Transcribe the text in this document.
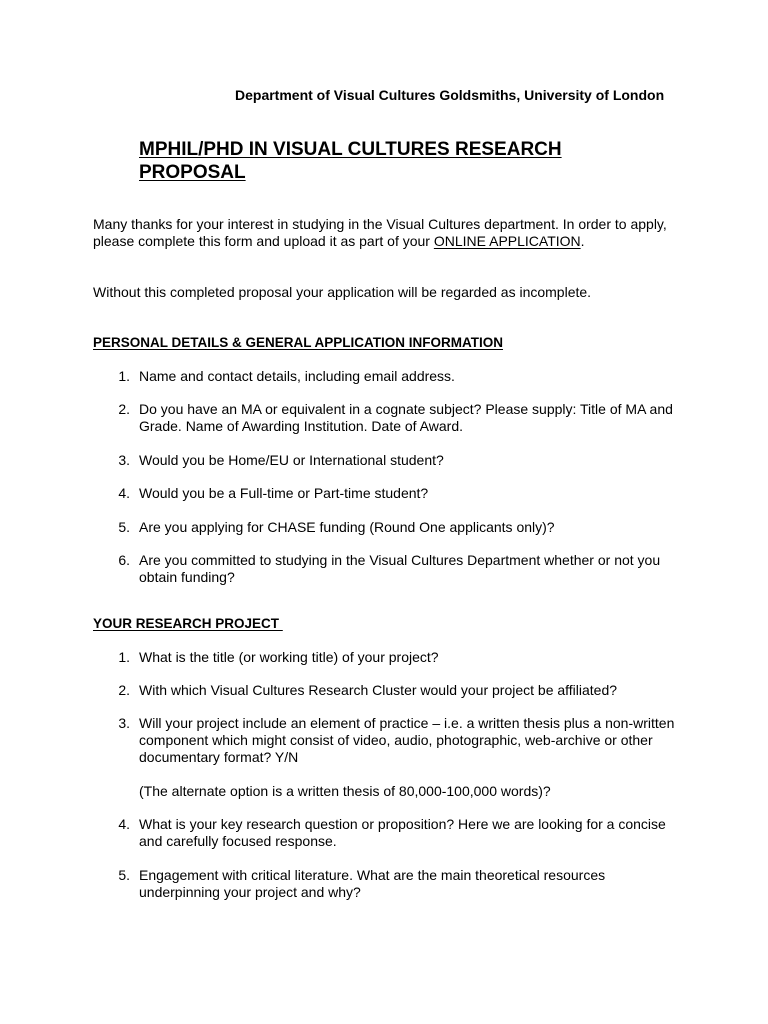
Department of Visual Cultures Goldsmiths, University of London
MPHIL/PHD IN VISUAL CULTURES RESEARCH PROPOSAL
Many thanks for your interest in studying in the Visual Cultures department. In order to apply, please complete this form and upload it as part of your ONLINE APPLICATION.
Without this completed proposal your application will be regarded as incomplete.
PERSONAL DETAILS & GENERAL APPLICATION INFORMATION
1. Name and contact details, including email address.
2. Do you have an MA or equivalent in a cognate subject? Please supply: Title of MA and Grade. Name of Awarding Institution. Date of Award.
3. Would you be Home/EU or International student?
4. Would you be a Full-time or Part-time student?
5. Are you applying for CHASE funding (Round One applicants only)?
6. Are you committed to studying in the Visual Cultures Department whether or not you obtain funding?
YOUR RESEARCH PROJECT
1. What is the title (or working title) of your project?
2. With which Visual Cultures Research Cluster would your project be affiliated?
3. Will your project include an element of practice – i.e. a written thesis plus a non-written component which might consist of video, audio, photographic, web-archive or other documentary format? Y/N
(The alternate option is a written thesis of 80,000-100,000 words)?
4. What is your key research question or proposition? Here we are looking for a concise and carefully focused response.
5. Engagement with critical literature. What are the main theoretical resources underpinning your project and why?
